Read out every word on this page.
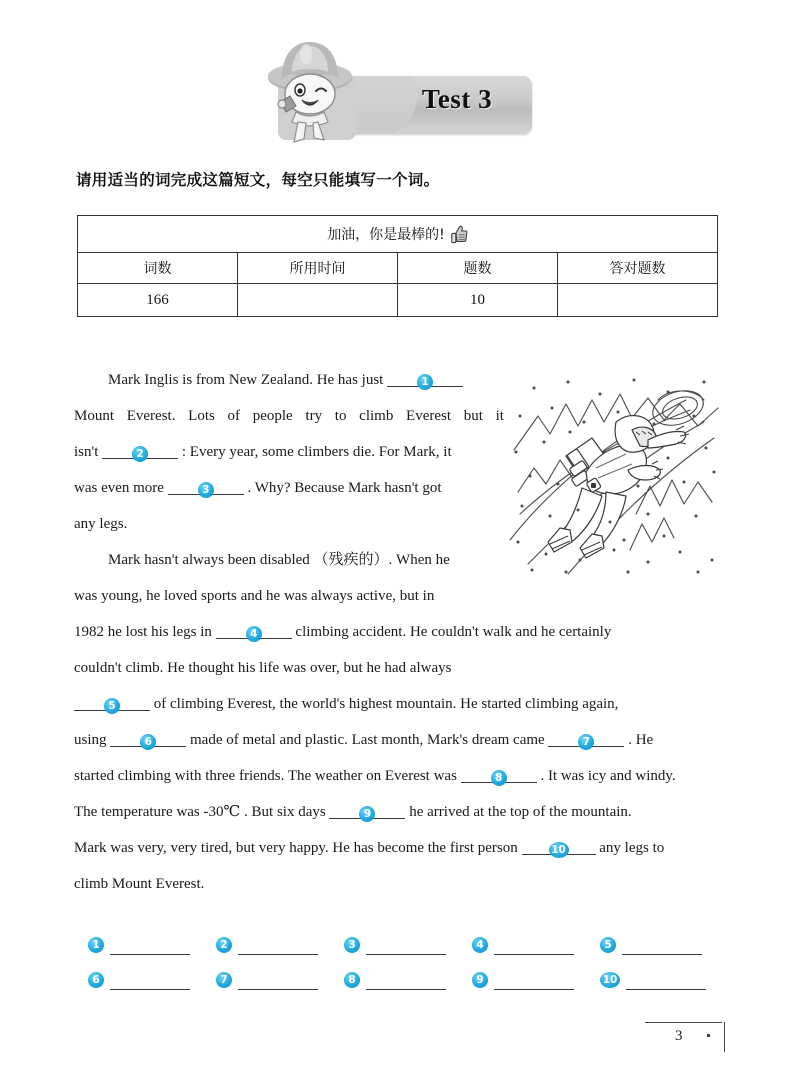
Test 3
请用适当的词完成这篇短文，每空只能填写一个词。
加油，你是最棒的!			

词数	所用时间	题数	答对题数
166		10	
Mark Inglis is from New Zealand. He has just	1
Mount Everest. Lots of people try to climb Everest but it
isn't	2 : Every year, some climbers die. For Mark, it
was even more	3 . Why? Because Mark hasn't got
any legs.
Mark hasn't always been disabled （残疾的）. When he
was young, he loved sports and he was always active, but in
1982 he lost his legs in	4 climbing accident. He couldn't walk and he certainly
couldn't climb. He thought his life was over, but he had always
5 of climbing Everest, the world's highest mountain. He started climbing again,
using	6 made of metal and plastic. Last month, Mark's dream came	7 . He
started climbing with three friends. The weather on Everest was	8 . It was icy and windy.
The temperature was -30℃ . But six days	9 he arrived at the top of the mountain.
Mark was very, very tired, but very happy. He has become the first person	10 any legs to
climb Mount Everest.
1	2	3	4	5
6	7	8	9	10
3
